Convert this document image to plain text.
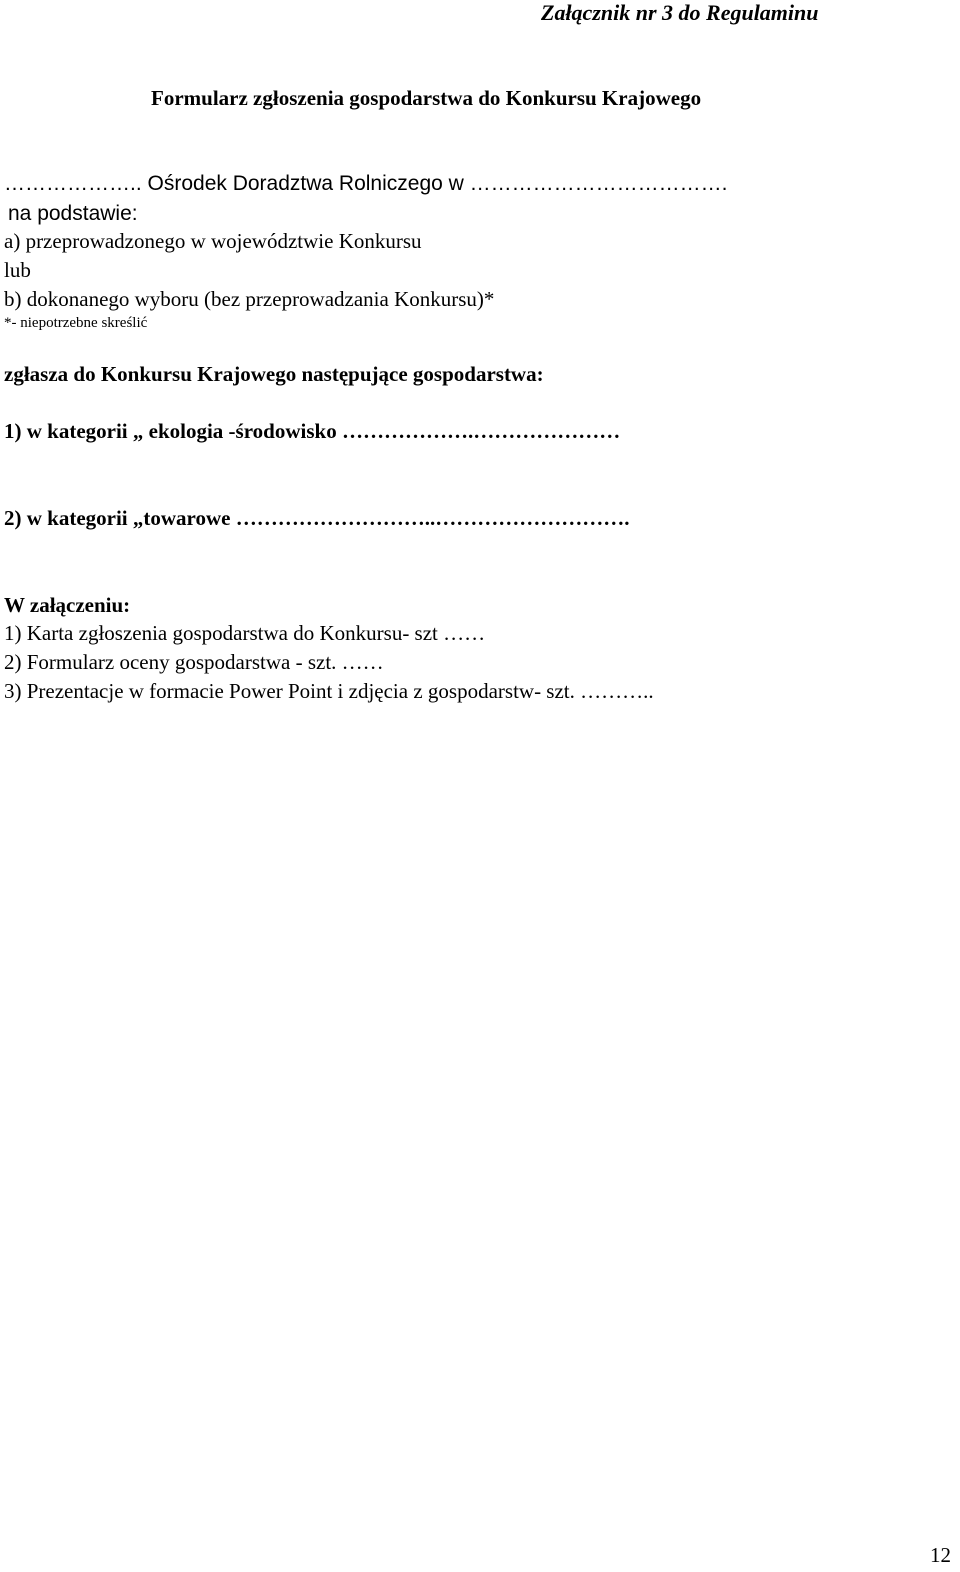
Załącznik nr 3 do Regulaminu
Formularz zgłoszenia gospodarstwa do Konkursu Krajowego
……………….. Ośrodek Doradztwa Rolniczego w ……………………………….
na podstawie:
a) przeprowadzonego w województwie Konkursu
lub
b) dokonanego wyboru (bez przeprowadzania Konkursu)*
*- niepotrzebne skreślić
zgłasza do Konkursu Krajowego następujące gospodarstwa:
1) w kategorii „ ekologia -środowisko ……………….…………………
2) w kategorii „towarowe ………………………..……………………….
W załączeniu:
1) Karta zgłoszenia gospodarstwa do Konkursu- szt ……
2) Formularz oceny gospodarstwa - szt. ……
3) Prezentacje w formacie Power Point i zdjęcia z gospodarstw- szt. ………..
12
